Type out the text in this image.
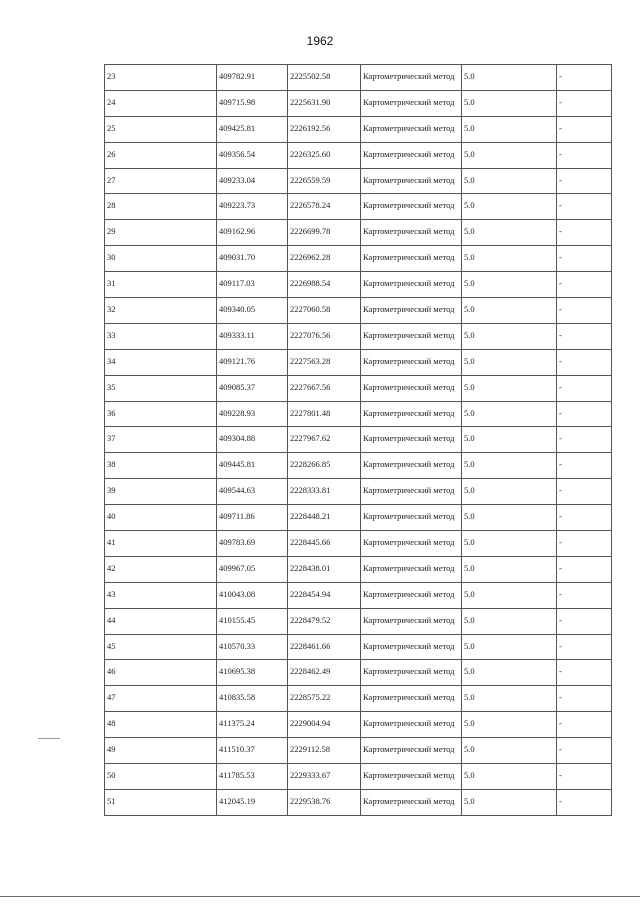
1962
23	409782.91	2225502.58	Картометрический метод	5.0	-
24	409715.98	2225631.90	Картометрический метод	5.0	-
25	409425.81	2226192.56	Картометрический метод	5.0	-
26	409356.54	2226325.60	Картометрический метод	5.0	-
27	409233.04	2226559.59	Картометрический метод	5.0	-
28	409223.73	2226578.24	Картометрический метод	5.0	-
29	409162.96	2226699.78	Картометрический метод	5.0	-
30	409031.70	2226962.28	Картометрический метод	5.0	-
31	409117.03	2226988.54	Картометрический метод	5.0	-
32	409340.05	2227060.58	Картометрический метод	5.0	-
33	409333.11	2227076.56	Картометрический метод	5.0	-
34	409121.76	2227563.28	Картометрический метод	5.0	-
35	409085.37	2227667.56	Картометрический метод	5.0	-
36	409228.93	2227801.48	Картометрический метод	5.0	-
37	409304.88	2227967.62	Картометрический метод	5.0	-
38	409445.81	2228266.85	Картометрический метод	5.0	-
39	409544.63	2228333.81	Картометрический метод	5.0	-
40	409711.86	2228448.21	Картометрический метод	5.0	-
41	409783.69	2228445.66	Картометрический метод	5.0	-
42	409967.05	2228438.01	Картометрический метод	5.0	-
43	410043.08	2228454.94	Картометрический метод	5.0	-
44	410155.45	2228479.52	Картометрический метод	5.0	-
45	410570.33	2228461.66	Картометрический метод	5.0	-
46	410695.38	2228462.49	Картометрический метод	5.0	-
47	410835.58	2228575.22	Картометрический метод	5.0	-
48	411375.24	2229004.94	Картометрический метод	5.0	-
49	411510.37	2229112.58	Картометрический метод	5.0	-
50	411785.53	2229333.67	Картометрический метод	5.0	-
51	412045.19	2229538.76	Картометрический метод	5.0	-
